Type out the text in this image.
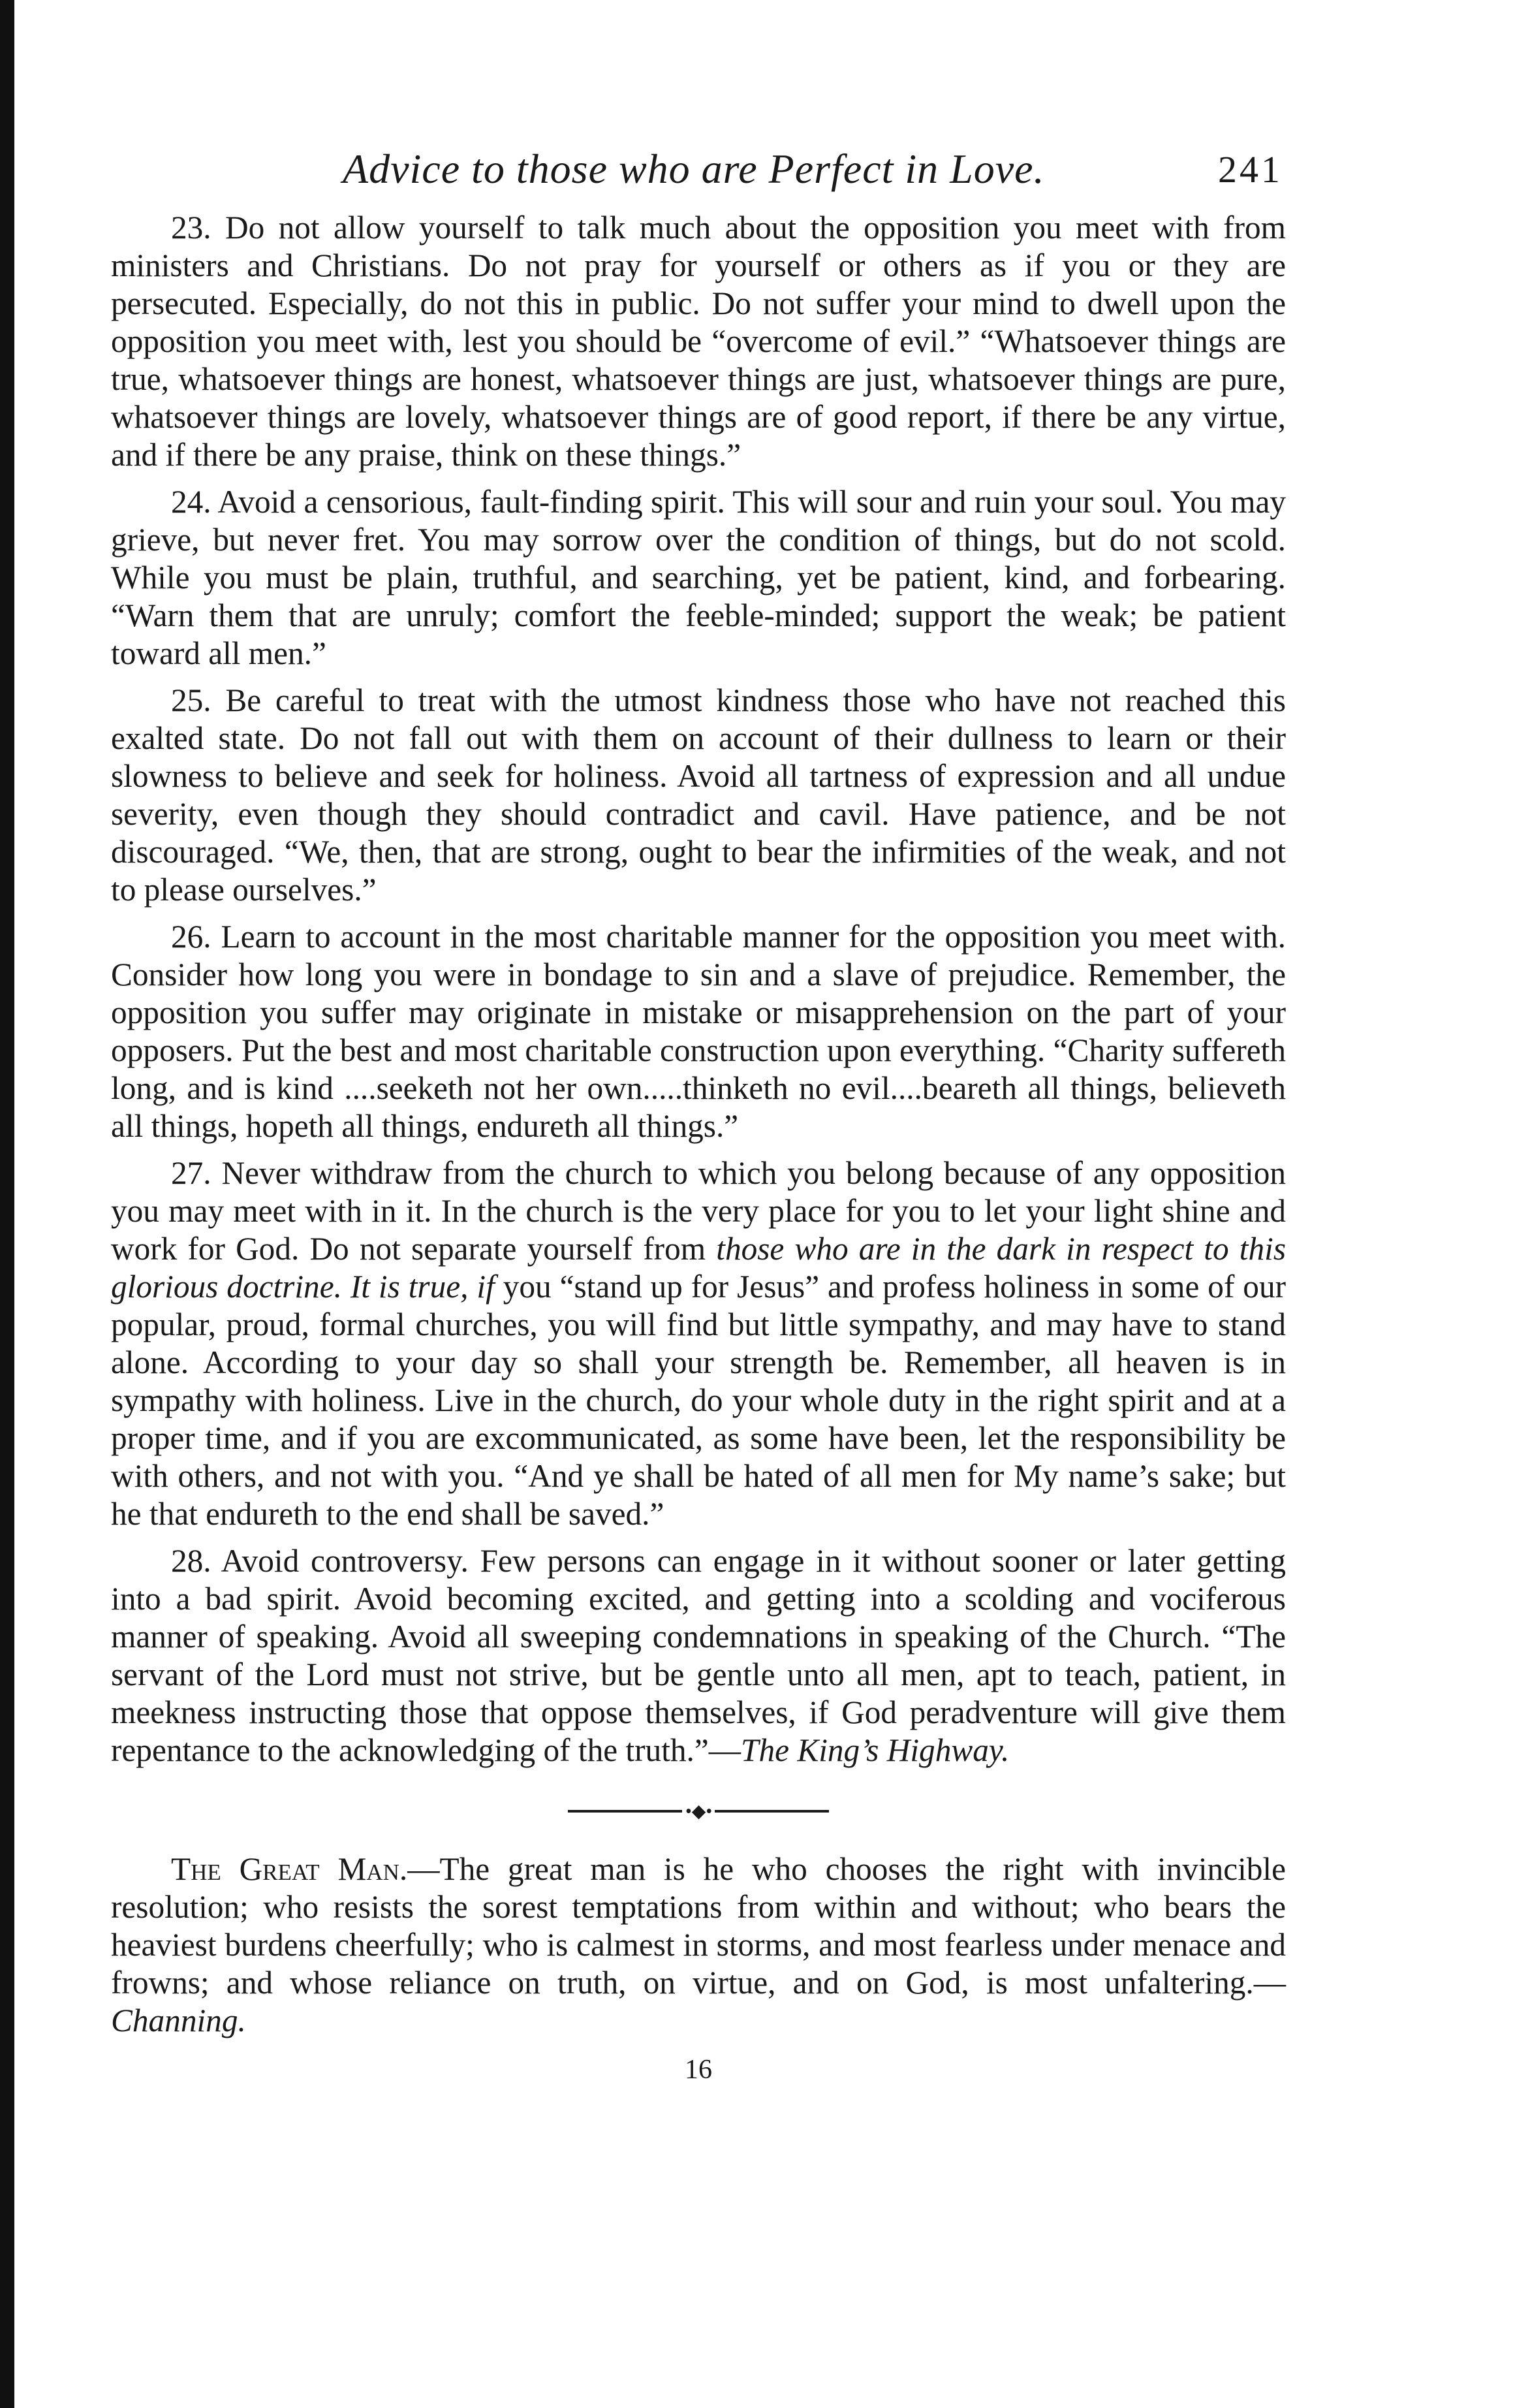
Advice to those who are Perfect in Love.	241

23. Do not allow yourself to talk much about the opposition you meet with from ministers and Christians. Do not pray for yourself or others as if you or they are persecuted. Especially, do not this in public. Do not suffer your mind to dwell upon the opposition you meet with, lest you should be “overcome of evil.” “Whatsoever things are true, whatsoever things are honest, whatsoever things are just, whatsoever things are pure, whatsoever things are lovely, whatsoever things are of good report, if there be any virtue, and if there be any praise, think on these things.”

24. Avoid a censorious, fault-finding spirit. This will sour and ruin your soul. You may grieve, but never fret. You may sorrow over the condition of things, but do not scold. While you must be plain, truthful, and searching, yet be patient, kind, and forbearing. “Warn them that are unruly; comfort the feeble-minded; support the weak; be patient toward all men.”

25. Be careful to treat with the utmost kindness those who have not reached this exalted state. Do not fall out with them on account of their dullness to learn or their slowness to believe and seek for holiness. Avoid all tartness of expression and all undue severity, even though they should contradict and cavil. Have patience, and be not discouraged. “We, then, that are strong, ought to bear the infirmities of the weak, and not to please ourselves.”

26. Learn to account in the most charitable manner for the opposition you meet with. Consider how long you were in bondage to sin and a slave of prejudice. Remember, the opposition you suffer may originate in mistake or misapprehension on the part of your opposers. Put the best and most charitable construction upon everything. “Charity suffereth long, and is kind ....seeketh not her own.....thinketh no evil....beareth all things, believeth all things, hopeth all things, endureth all things.”

27. Never withdraw from the church to which you belong because of any opposition you may meet with in it. In the church is the very place for you to let your light shine and work for God. Do not separate yourself from those who are in the dark in respect to this glorious doctrine. It is true, if you “stand up for Jesus” and profess holiness in some of our popular, proud, formal churches, you will find but little sympathy, and may have to stand alone. According to your day so shall your strength be. Remember, all heaven is in sympathy with holiness. Live in the church, do your whole duty in the right spirit and at a proper time, and if you are excommunicated, as some have been, let the responsibility be with others, and not with you. “And ye shall be hated of all men for My name’s sake; but he that endureth to the end shall be saved.”

28. Avoid controversy. Few persons can engage in it without sooner or later getting into a bad spirit. Avoid becoming excited, and getting into a scolding and vociferous manner of speaking. Avoid all sweeping condemnations in speaking of the Church. “The servant of the Lord must not strive, but be gentle unto all men, apt to teach, patient, in meekness instructing those that oppose themselves, if God peradventure will give them repentance to the acknowledging of the truth.”—The King’s Highway.

•◆•

The Great Man.—The great man is he who chooses the right with invincible resolution; who resists the sorest temptations from within and without; who bears the heaviest burdens cheerfully; who is calmest in storms, and most fearless under menace and frowns; and whose reliance on truth, on virtue, and on God, is most unfaltering.—Channing.

16
